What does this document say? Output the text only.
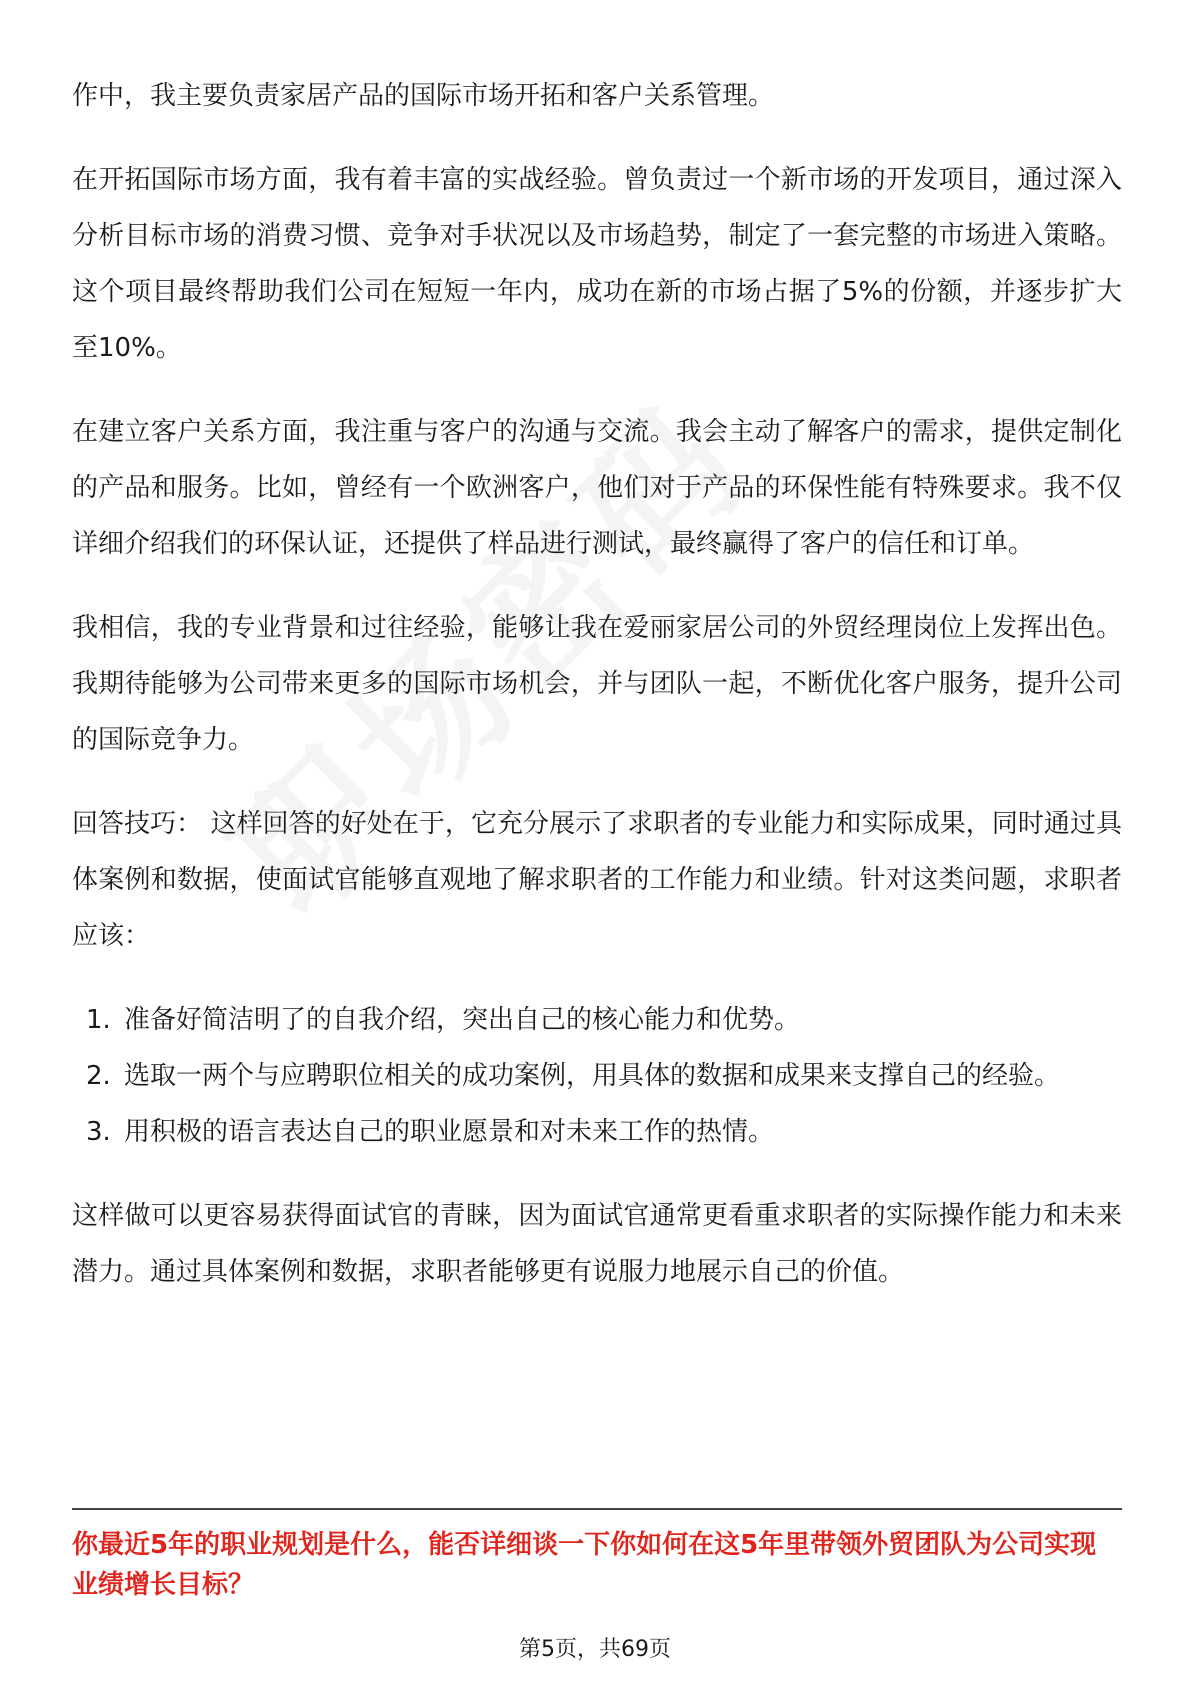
作中，我主要负责家居产品的国际市场开拓和客户关系管理。

在开拓国际市场方面，我有着丰富的实战经验。曾负责过一个新市场的开发项目，通过深入分析目标市场的消费习惯、竞争对手状况以及市场趋势，制定了一套完整的市场进入策略。这个项目最终帮助我们公司在短短一年内，成功在新的市场占据了5%的份额，并逐步扩大至10%。

在建立客户关系方面，我注重与客户的沟通与交流。我会主动了解客户的需求，提供定制化的产品和服务。比如，曾经有一个欧洲客户，他们对于产品的环保性能有特殊要求。我不仅详细介绍我们的环保认证，还提供了样品进行测试，最终赢得了客户的信任和订单。

我相信，我的专业背景和过往经验，能够让我在爱丽家居公司的外贸经理岗位上发挥出色。我期待能够为公司带来更多的国际市场机会，并与团队一起，不断优化客户服务，提升公司的国际竞争力。

回答技巧： 这样回答的好处在于，它充分展示了求职者的专业能力和实际成果，同时通过具体案例和数据，使面试官能够直观地了解求职者的工作能力和业绩。针对这类问题，求职者应该：

1. 准备好简洁明了的自我介绍，突出自己的核心能力和优势。
2. 选取一两个与应聘职位相关的成功案例，用具体的数据和成果来支撑自己的经验。
3. 用积极的语言表达自己的职业愿景和对未来工作的热情。

这样做可以更容易获得面试官的青睐，因为面试官通常更看重求职者的实际操作能力和未来潜力。通过具体案例和数据，求职者能够更有说服力地展示自己的价值。

你最近5年的职业规划是什么，能否详细谈一下你如何在这5年里带领外贸团队为公司实现业绩增长目标？

第5页，共69页
